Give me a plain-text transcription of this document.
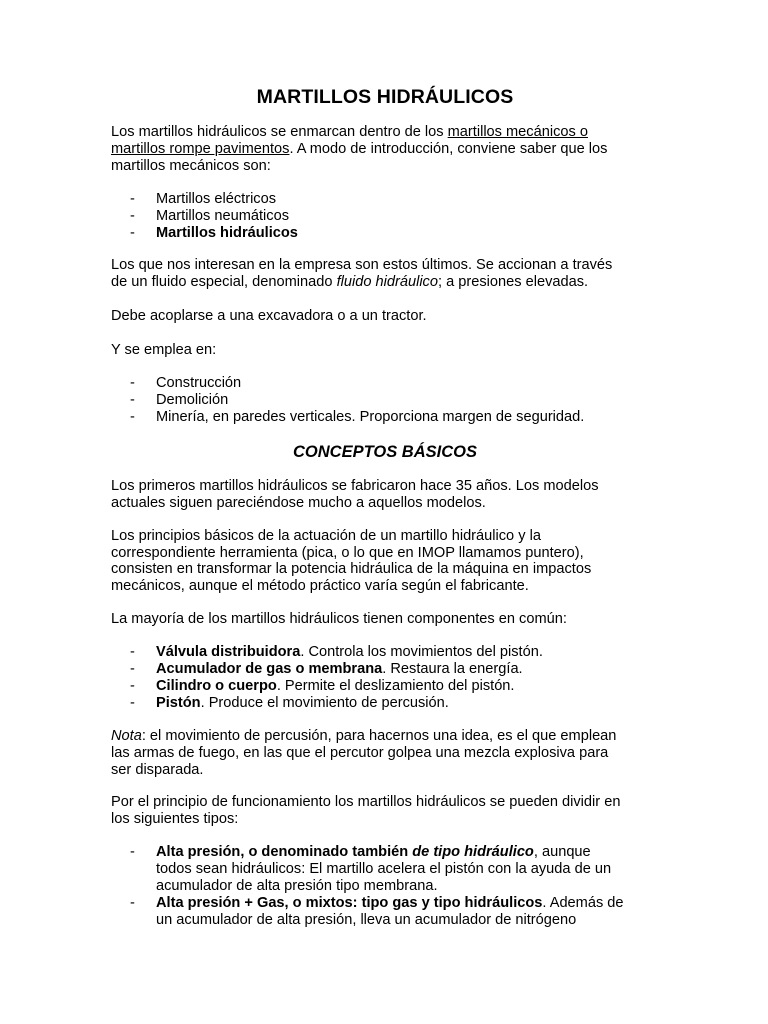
MARTILLOS HIDRÁULICOS

Los martillos hidráulicos se enmarcan dentro de los martillos mecánicos o
martillos rompe pavimentos. A modo de introducción, conviene saber que los
martillos mecánicos son:

- Martillos eléctricos
- Martillos neumáticos
- Martillos hidráulicos

Los que nos interesan en la empresa son estos últimos. Se accionan a través
de un fluido especial, denominado fluido hidráulico; a presiones elevadas.

Debe acoplarse a una excavadora o a un tractor.

Y se emplea en:

- Construcción
- Demolición
- Minería, en paredes verticales. Proporciona margen de seguridad.
CONCEPTOS BÁSICOS

Los primeros martillos hidráulicos se fabricaron hace 35 años. Los modelos
actuales siguen pareciéndose mucho a aquellos modelos.

Los principios básicos de la actuación de un martillo hidráulico y la
correspondiente herramienta (pica, o lo que en IMOP llamamos puntero),
consisten en transformar la potencia hidráulica de la máquina en impactos
mecánicos, aunque el método práctico varía según el fabricante.

La mayoría de los martillos hidráulicos tienen componentes en común:

- Válvula distribuidora. Controla los movimientos del pistón.
- Acumulador de gas o membrana. Restaura la energía.
- Cilindro o cuerpo. Permite el deslizamiento del pistón.
- Pistón. Produce el movimiento de percusión.

Nota: el movimiento de percusión, para hacernos una idea, es el que emplean
las armas de fuego, en las que el percutor golpea una mezcla explosiva para
ser disparada.

Por el principio de funcionamiento los martillos hidráulicos se pueden dividir en
los siguientes tipos:

- Alta presión, o denominado también de tipo hidráulico, aunque
todos sean hidráulicos: El martillo acelera el pistón con la ayuda de un
acumulador de alta presión tipo membrana.
- Alta presión + Gas, o mixtos: tipo gas y tipo hidráulicos. Además de
un acumulador de alta presión, lleva un acumulador de nitrógeno
